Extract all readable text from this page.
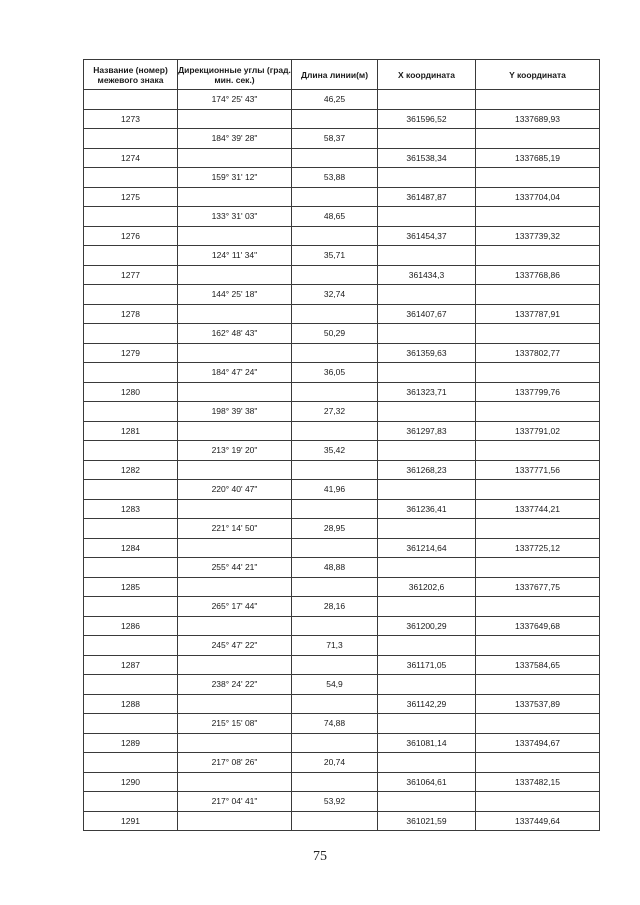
Название (номер) межевого знака	Дирекционные углы (град. мин. сек.)	Длина линии(м)	X координата	Y координата
	174° 25' 43"	46,25		
1273			361596,52	1337689,93
	184° 39' 28"	58,37		
1274			361538,34	1337685,19
	159° 31' 12"	53,88		
1275			361487,87	1337704,04
	133° 31' 03"	48,65		
1276			361454,37	1337739,32
	124° 11' 34"	35,71		
1277			361434,3	1337768,86
	144° 25' 18"	32,74		
1278			361407,67	1337787,91
	162° 48' 43"	50,29		
1279			361359,63	1337802,77
	184° 47' 24"	36,05		
1280			361323,71	1337799,76
	198° 39' 38"	27,32		
1281			361297,83	1337791,02
	213° 19' 20"	35,42		
1282			361268,23	1337771,56
	220° 40' 47"	41,96		
1283			361236,41	1337744,21
	221° 14' 50"	28,95		
1284			361214,64	1337725,12
	255° 44' 21"	48,88		
1285			361202,6	1337677,75
	265° 17' 44"	28,16		
1286			361200,29	1337649,68
	245° 47' 22"	71,3		
1287			361171,05	1337584,65
	238° 24' 22"	54,9		
1288			361142,29	1337537,89
	215° 15' 08"	74,88		
1289			361081,14	1337494,67
	217° 08' 26"	20,74		
1290			361064,61	1337482,15
	217° 04' 41"	53,92		
1291			361021,59	1337449,64
75
